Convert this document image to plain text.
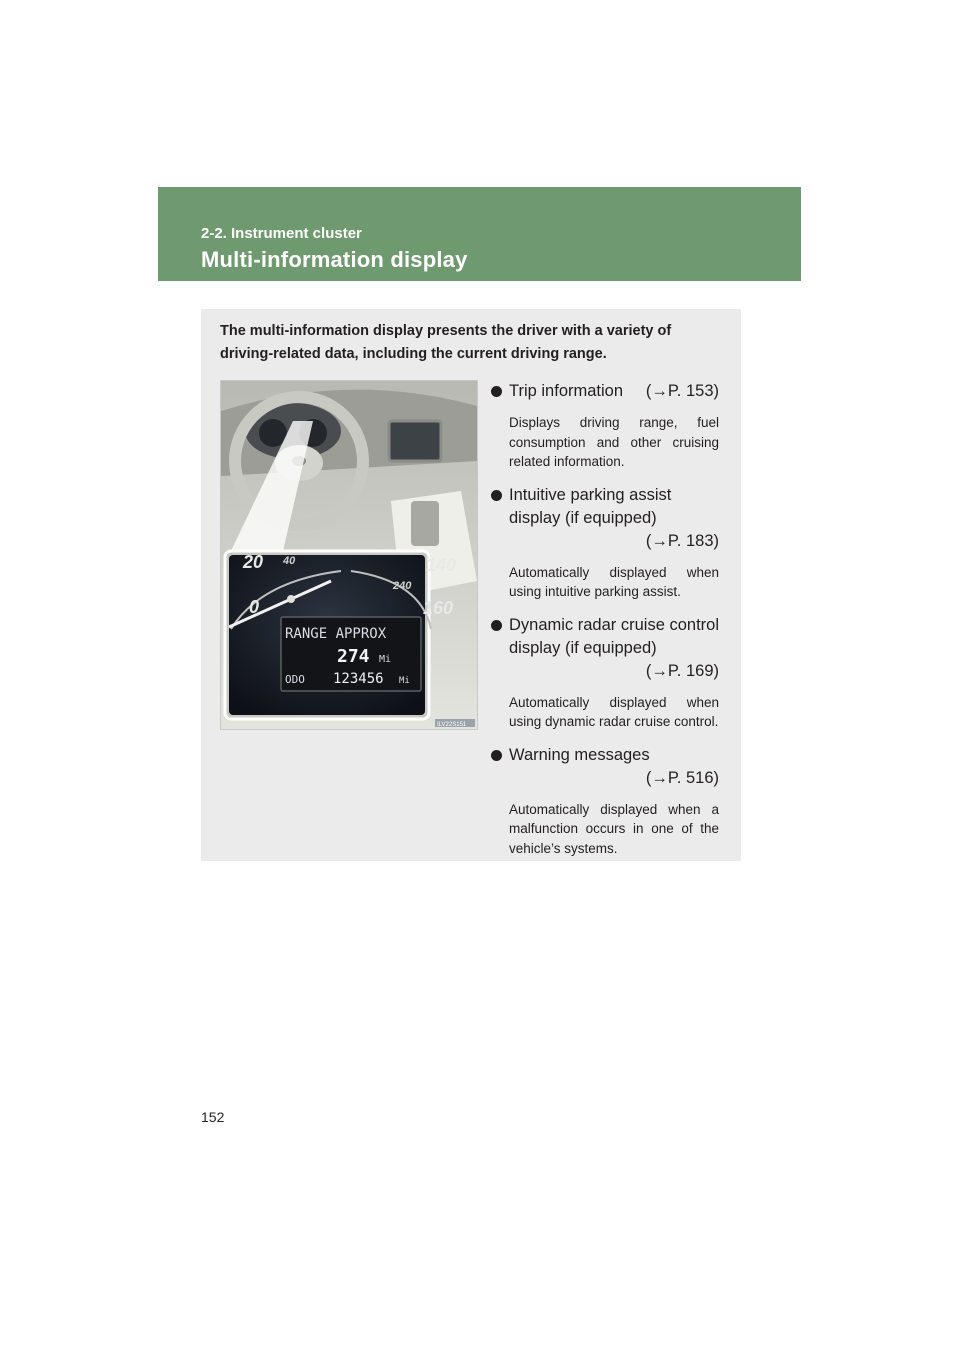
2-2. Instrument cluster
Multi-information display
The multi-information display presents the driver with a variety of driving-related data, including the current driving range.
20 40
0
140
240
160
RANGE APPROX
274 Mi
ODO 123456 Mi
ILV22S151
Trip information (→P. 153)
Displays driving range, fuel consumption and other cruising related information.
Intuitive parking assist display (if equipped)
(→P. 183)
Automatically displayed when using intuitive parking assist.
Dynamic radar cruise control display (if equipped)
(→P. 169)
Automatically displayed when using dynamic radar cruise control.
Warning messages
(→P. 516)
Automatically displayed when a malfunction occurs in one of the vehicle’s systems.
152
